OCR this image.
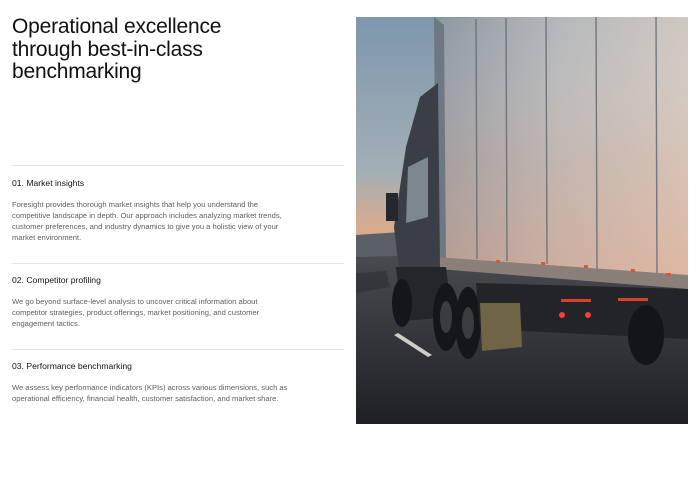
Operational excellence
through best-in-class
benchmarking
01. Market insights

Foresight provides thorough market insights that help you understand the competitive landscape in depth. Our approach includes analyzing market trends, customer preferences, and industry dynamics to give you a holistic view of your market environment.

02. Competitor profiling

We go beyond surface-level analysis to uncover critical information about competitor strategies, product offerings, market positioning, and customer engagement tactics.

03. Performance benchmarking

We assess key performance indicators (KPIs) across various dimensions, such as operational efficiency, financial health, customer satisfaction, and market share.
